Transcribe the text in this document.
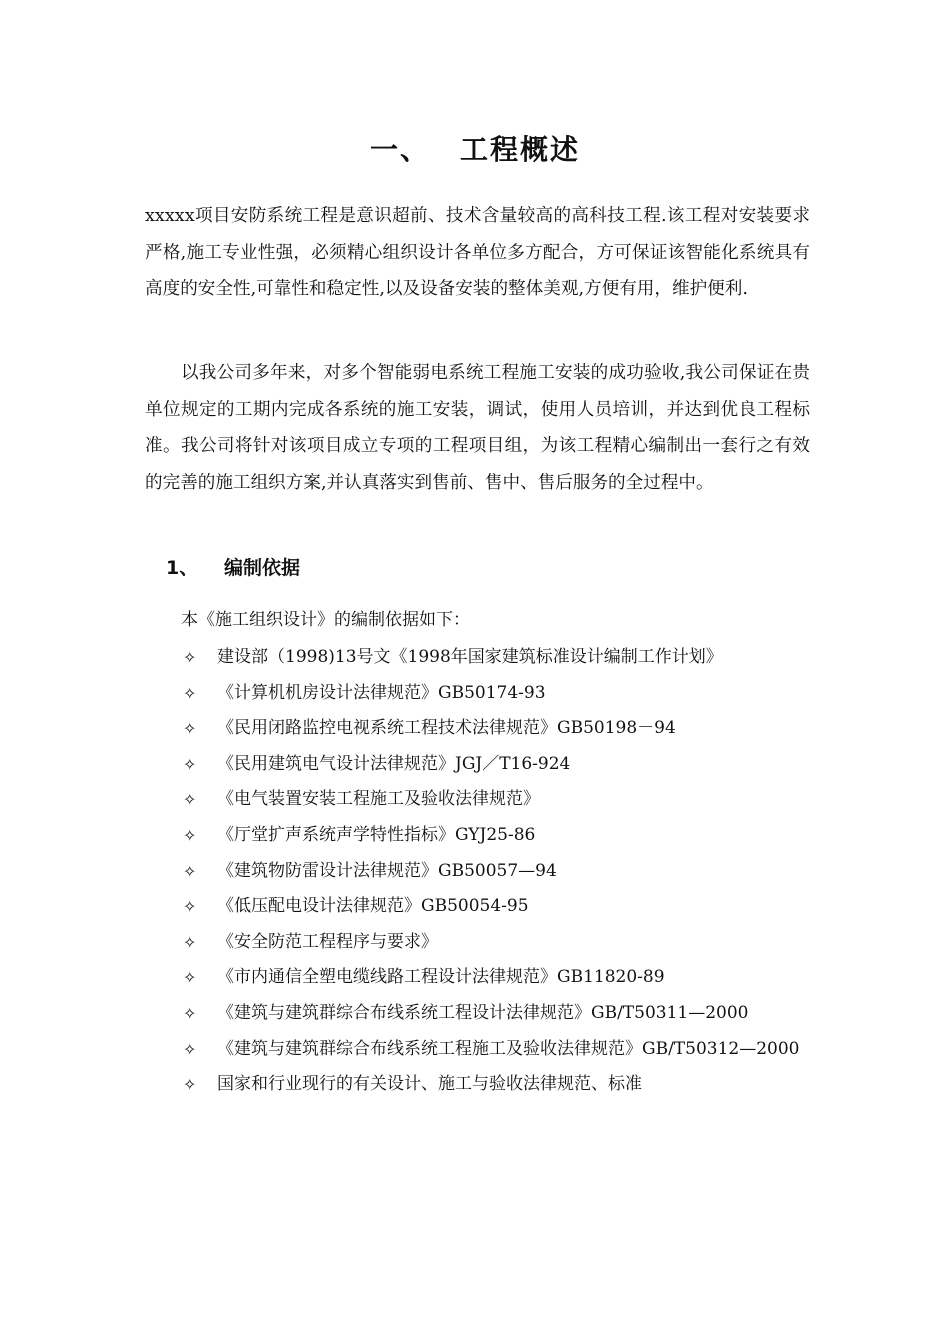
一、 工程概述
xxxxx项目安防系统工程是意识超前、技术含量较高的高科技工程.该工程对安装要求严格,施工专业性强，必须精心组织设计各单位多方配合，方可保证该智能化系统具有高度的安全性,可靠性和稳定性,以及设备安装的整体美观,方便有用，维护便利.
以我公司多年来，对多个智能弱电系统工程施工安装的成功验收,我公司保证在贵单位规定的工期内完成各系统的施工安装，调试，使用人员培训，并达到优良工程标准。我公司将针对该项目成立专项的工程项目组，为该工程精心编制出一套行之有效的完善的施工组织方案,并认真落实到售前、售中、售后服务的全过程中。
1、 编制依据
本《施工组织设计》的编制依据如下：
✧ 建设部（1998)13号文《1998年国家建筑标准设计编制工作计划》
✧ 《计算机机房设计法律规范》GB50174-93
✧ 《民用闭路监控电视系统工程技术法律规范》GB50198－94
✧ 《民用建筑电气设计法律规范》JGJ／T16-924
✧ 《电气装置安装工程施工及验收法律规范》
✧ 《厅堂扩声系统声学特性指标》GYJ25-86
✧ 《建筑物防雷设计法律规范》GB50057—94
✧ 《低压配电设计法律规范》GB50054-95
✧ 《安全防范工程程序与要求》
✧ 《市内通信全塑电缆线路工程设计法律规范》GB11820-89
✧ 《建筑与建筑群综合布线系统工程设计法律规范》GB/T50311—2000
✧ 《建筑与建筑群综合布线系统工程施工及验收法律规范》GB/T50312—2000
✧ 国家和行业现行的有关设计、施工与验收法律规范、标准
